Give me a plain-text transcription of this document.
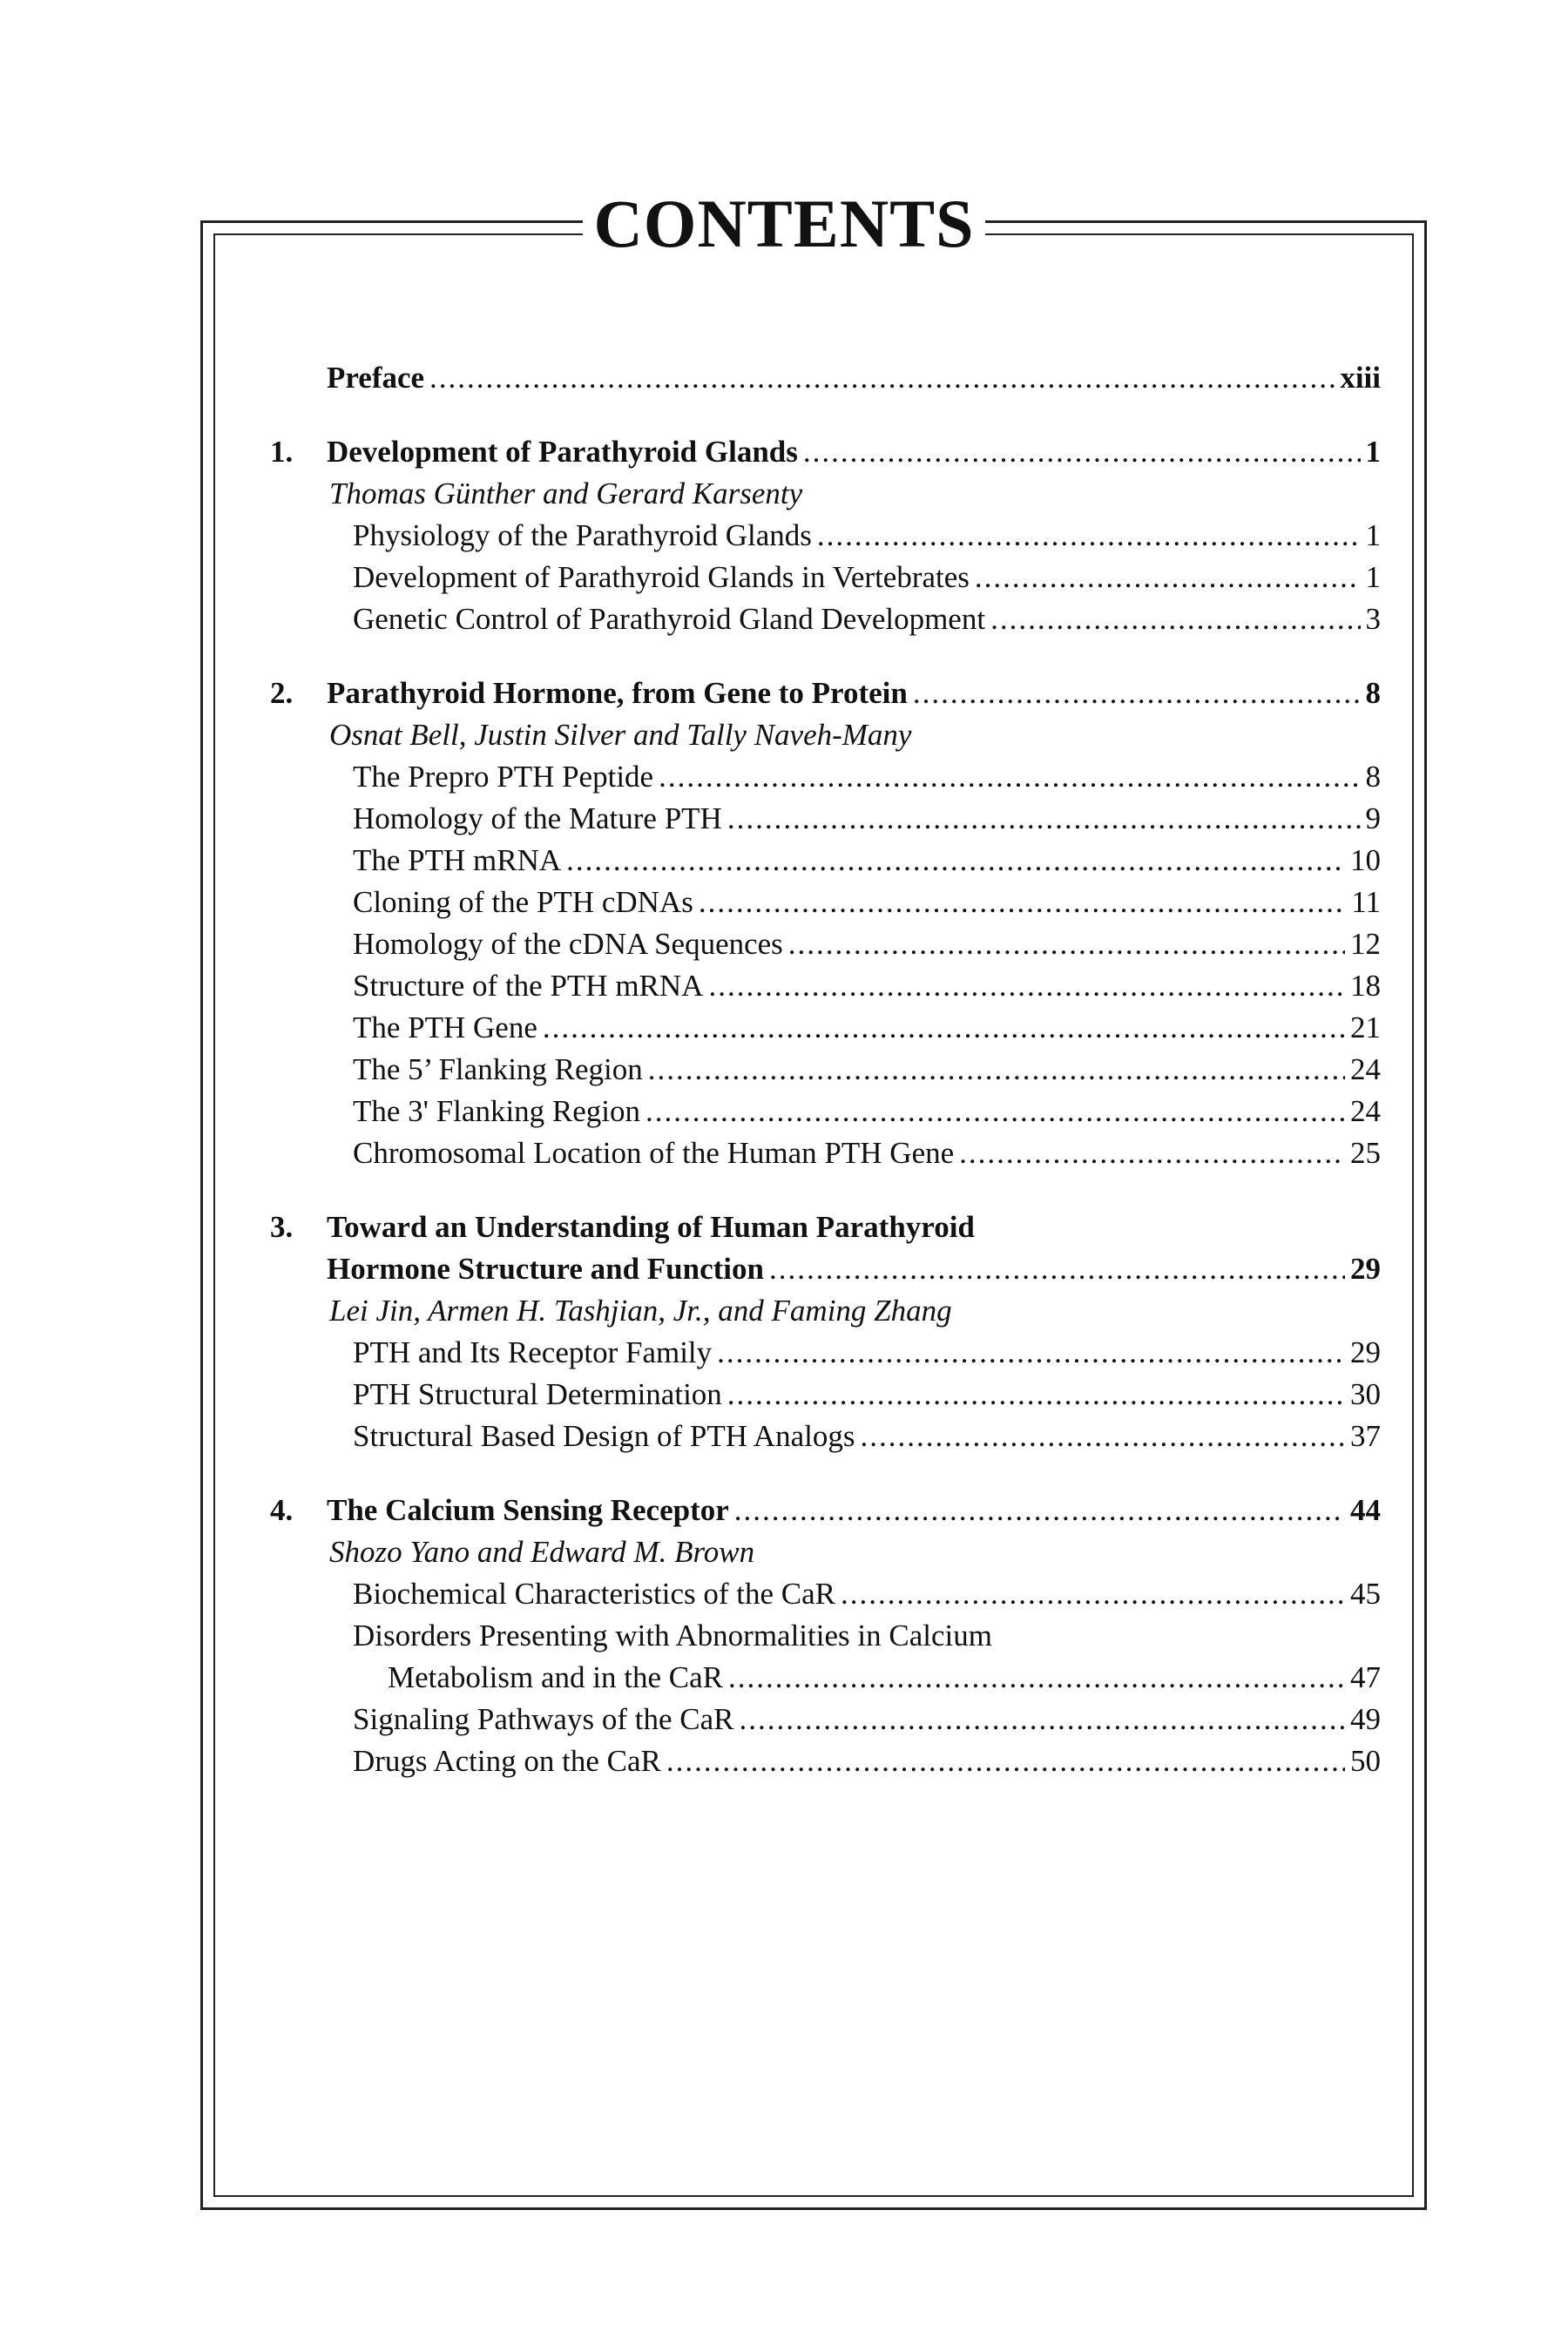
CONTENTS
Preface .....	xiii
1. Development of Parathyroid Glands .....	1
Thomas Günther and Gerard Karsenty
Physiology of the Parathyroid Glands .....	1
Development of Parathyroid Glands in Vertebrates .....	1
Genetic Control of Parathyroid Gland Development .....	3
2. Parathyroid Hormone, from Gene to Protein .....	8
Osnat Bell, Justin Silver and Tally Naveh-Many
The Prepro PTH Peptide .....	8
Homology of the Mature PTH .....	9
The PTH mRNA .....	10
Cloning of the PTH cDNAs .....	11
Homology of the cDNA Sequences .....	12
Structure of the PTH mRNA .....	18
The PTH Gene .....	21
The 5’ Flanking Region .....	24
The 3' Flanking Region .....	24
Chromosomal Location of the Human PTH Gene .....	25
3. Toward an Understanding of Human Parathyroid
Hormone Structure and Function .....	29
Lei Jin, Armen H. Tashjian, Jr., and Faming Zhang
PTH and Its Receptor Family .....	29
PTH Structural Determination .....	30
Structural Based Design of PTH Analogs .....	37
4. The Calcium Sensing Receptor .....	44
Shozo Yano and Edward M. Brown
Biochemical Characteristics of the CaR .....	45
Disorders Presenting with Abnormalities in Calcium
Metabolism and in the CaR .....	47
Signaling Pathways of the CaR .....	49
Drugs Acting on the CaR .....	50
